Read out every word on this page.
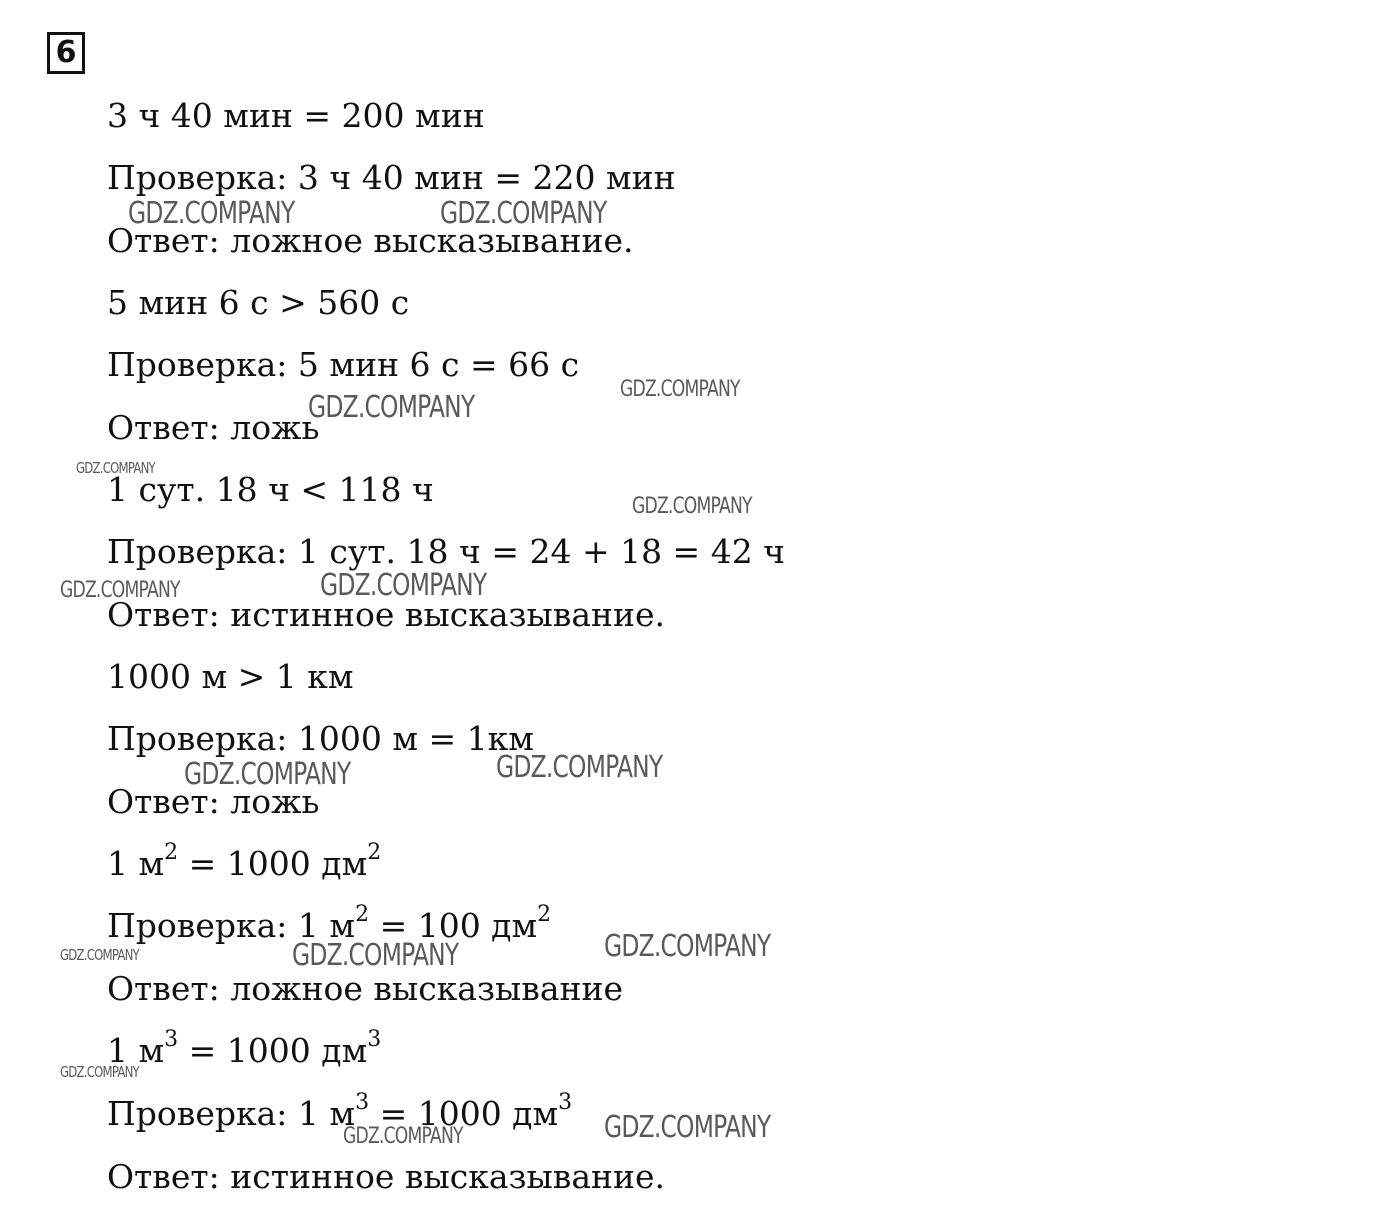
6
3 ч 40 мин = 200 мин
Проверка: 3 ч 40 мин = 220 мин
Ответ: ложное высказывание.
5 мин 6 с > 560 с
Проверка: 5 мин 6 с = 66 с
Ответ: ложь
1 сут. 18 ч < 118 ч
Проверка: 1 сут. 18 ч = 24 + 18 = 42 ч
Ответ: истинное высказывание.
1000 м > 1 км
Проверка: 1000 м = 1км
Ответ: ложь
1 $м^2 = 1000$ $дм^2$
Проверка: 1 $м^2 = 100$ $дм^2$
Ответ: ложное высказывание
1 $м^3 = 1000$ $дм^3$
Проверка: 1 $м^3 = 1000$ $дм^3$
Ответ: истинное высказывание.
GDZ.COMPANY	GDZ.COMPANY
GDZ.COMPANY
GDZ.COMPANY
GDZ.COMPANY
GDZ.COMPANY
GDZ.COMPANY	GDZ.COMPANY
GDZ.COMPANY
GDZ.COMPANY
GDZ.COMPANY
GDZ.COMPANY
GDZ.COMPANY
GDZ.COMPANY
GDZ.COMPANY
GDZ.COMPANY
